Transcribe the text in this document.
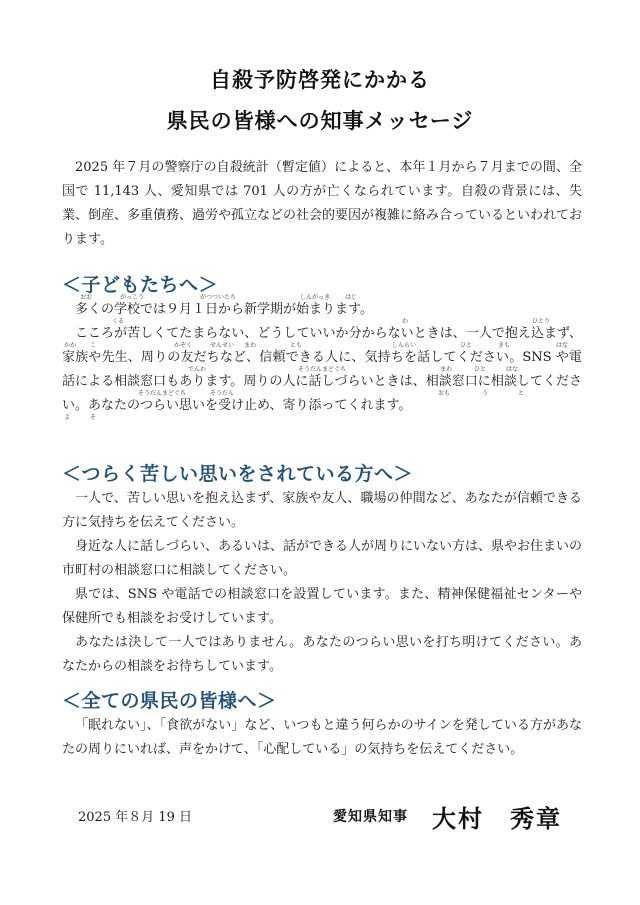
自殺予防啓発にかかる
県民の皆様への知事メッセージ

2025 年７月の警察庁の自殺統計（暫定値）によると、本年１月から７月までの間、全国で 11,143 人、愛知県では 701 人の方が亡くなられています。自殺の背景には、失業、倒産、多重債務、過労や孤立などの社会的要因が複雑に絡み合っているといわれております。

＜子どもたちへ＞
おお	がっこう	がつついたち	しんがっき はじ
くる	わ	ひとり
かか こ	かぞく	せんせい まわ	とも	しんらい	ひと	きも	はな
でんわ	そうだんまどぐち	まわ	ひと	はな
そうだんまどぐち	そうだん	おも	う	と
よ	そ

多くの学校では９月１日から新学期が始まります。

こころが苦しくてたまらない、どうしていいか分からないときは、一人で抱え込まず、家族や先生、周りの友だちなど、信頼できる人に、気持ちを話してください。SNS や電話による相談窓口もあります。周りの人に話しづらいときは、相談窓口に相談してください。あなたのつらい思いを受け止め、寄り添ってくれます。

＜つらく苦しい思いをされている方へ＞

一人で、苦しい思いを抱え込まず、家族や友人、職場の仲間など、あなたが信頼できる方に気持ちを伝えてください。

身近な人に話しづらい、あるいは、話ができる人が周りにいない方は、県やお住まいの市町村の相談窓口に相談してください。

県では、SNS や電話での相談窓口を設置しています。また、精神保健福祉センターや保健所でも相談をお受けしています。

あなたは決して一人ではありません。あなたのつらい思いを打ち明けてください。あなたからの相談をお待ちしています。

＜全ての県民の皆様へ＞

「眠れない」、「食欲がない」など、いつもと違う何らかのサインを発している方があなたの周りにいれば、声をかけて、「心配している」の気持ちを伝えてください。

2025 年８月 19 日	愛知県知事 大村　秀章
